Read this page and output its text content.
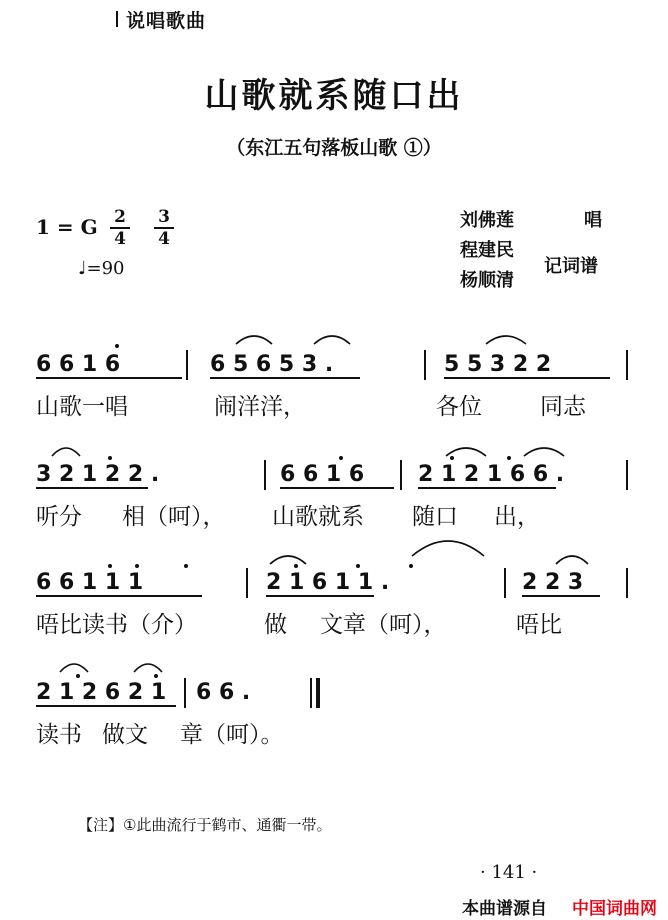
说唱歌曲
山歌就系随口出
（东江五句落板山歌 ①）
1 = G 2
4
3
4
♩=90
刘佛莲	唱
程建民
杨顺清
记词谱
6 6 1 6	6 5 6 5 3 .	5 5 3 2 2
山歌一唱	闹洋洋，	各位	同志
3 2 1 2 2 .	6 6 1 6 2 1 2 1 6 6 .
听分 相（呵）， 山歌就系 随口 出，
6 6 1 1 1	2 1 6 1 1 .	2 2 3
唔比读书（介）	做 文章（呵），	唔比
2 1 2 6 2 1 6 6 .
读书 做文 章（呵）。
【注】①此曲流行于鹤市、通衢一带。
· 141 ·
本曲谱源自 中国词曲网
